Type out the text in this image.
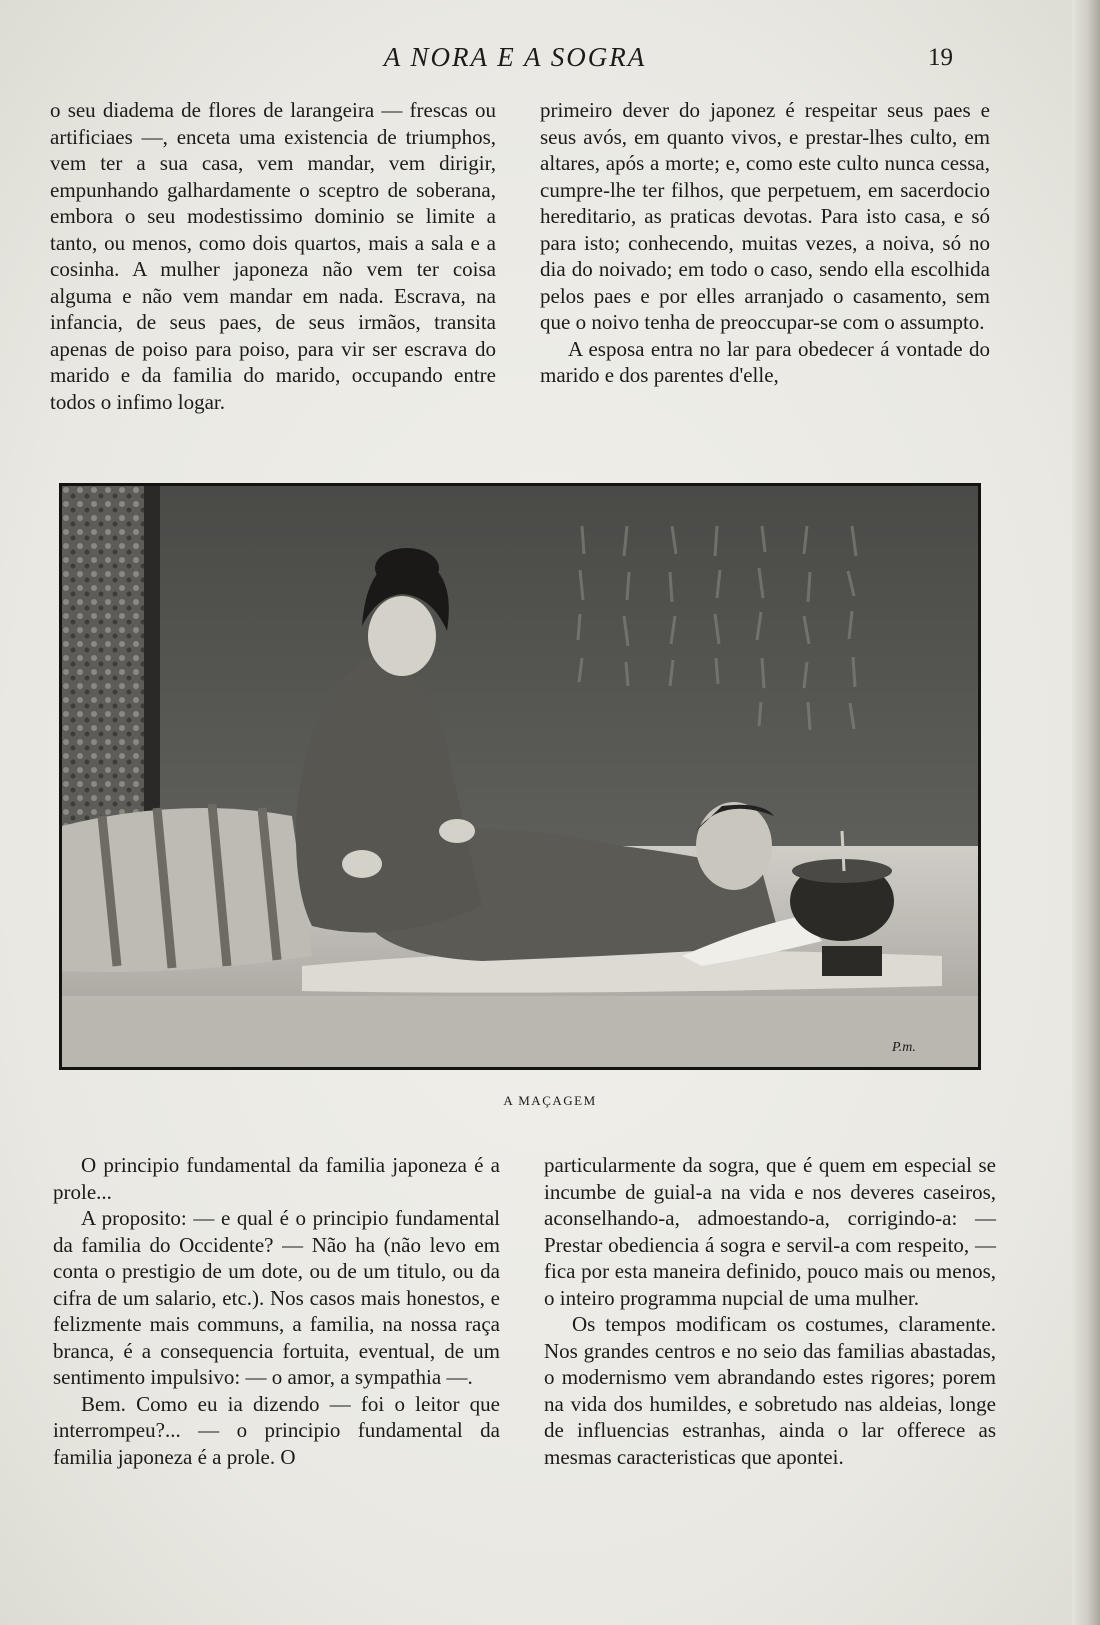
A NORA E A SOGRA	19

o seu diadema de flores de larangeira — frescas ou artificiaes —, enceta uma existencia de triumphos, vem ter a sua casa, vem mandar, vem dirigir, empunhando galhardamente o sceptro de soberana, embora o seu modestissimo dominio se limite a tanto, ou menos, como dois quartos, mais a sala e a cosinha. A mulher japoneza não vem ter coisa alguma e não vem mandar em nada. Escrava, na infancia, de seus paes, de seus irmãos, transita apenas de poiso para poiso, para vir ser escrava do marido e da familia do marido, occupando entre todos o infimo logar.

primeiro dever do japonez é respeitar seus paes e seus avós, em quanto vivos, e prestar-lhes culto, em altares, após a morte; e, como este culto nunca cessa, cumpre-lhe ter filhos, que perpetuem, em sacerdocio hereditario, as praticas devotas. Para isto casa, e só para isto; conhecendo, muitas vezes, a noiva, só no dia do noivado; em todo o caso, sendo ella escolhida pelos paes e por elles arranjado o casamento, sem que o noivo tenha de preoccupar-se com o assumpto.

A esposa entra no lar para obedecer á vontade do marido e dos parentes d'elle,

P.m.
A MAÇAGEM

O principio fundamental da familia japoneza é a prole...

A proposito: — e qual é o principio fundamental da familia do Occidente? — Não ha (não levo em conta o prestigio de um dote, ou de um titulo, ou da cifra de um salario, etc.). Nos casos mais honestos, e felizmente mais communs, a familia, na nossa raça branca, é a consequencia fortuita, eventual, de um sentimento impulsivo: — o amor, a sympathia —.

Bem. Como eu ia dizendo — foi o leitor que interrompeu?... — o principio fundamental da familia japoneza é a prole. O

particularmente da sogra, que é quem em especial se incumbe de guial-a na vida e nos deveres caseiros, aconselhando-a, admoestando-a, corrigindo-a: — Prestar obediencia á sogra e servil-a com respeito, — fica por esta maneira definido, pouco mais ou menos, o inteiro programma nupcial de uma mulher.

Os tempos modificam os costumes, claramente. Nos grandes centros e no seio das familias abastadas, o modernismo vem abrandando estes rigores; porem na vida dos humildes, e sobretudo nas aldeias, longe de influencias estranhas, ainda o lar offerece as mesmas caracteristicas que apontei.
